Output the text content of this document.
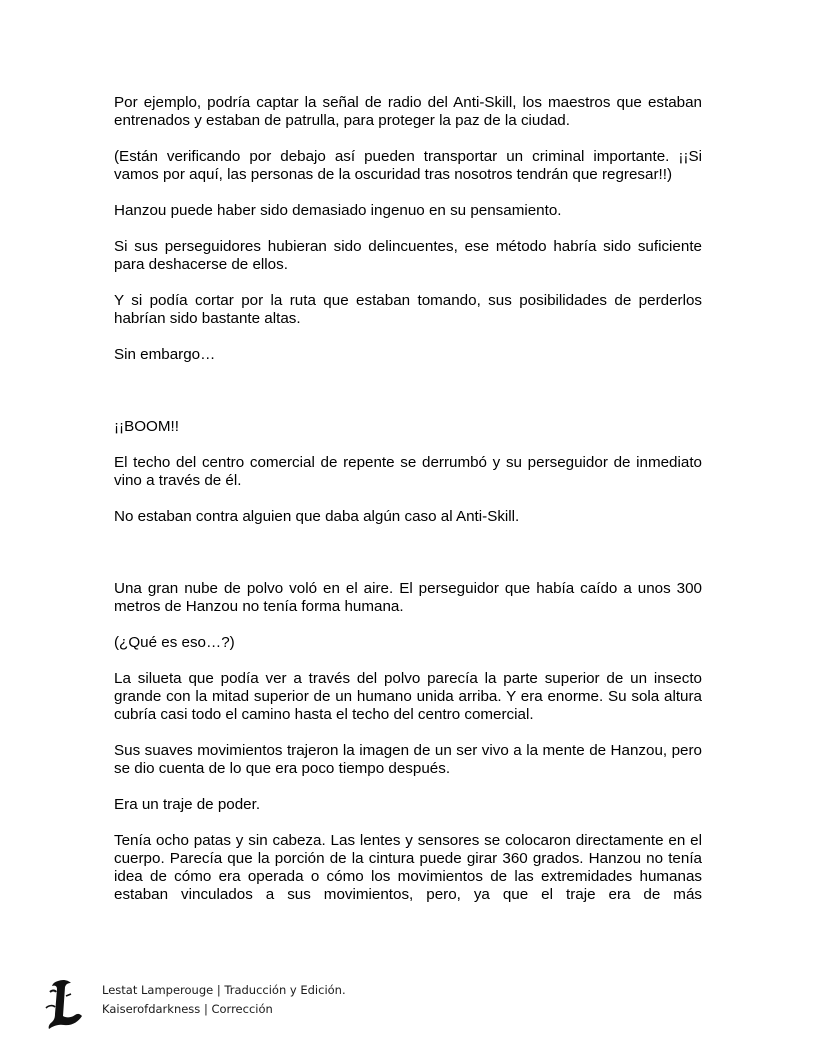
Por ejemplo, podría captar la señal de radio del Anti-Skill, los maestros que estaban entrenados y estaban de patrulla, para proteger la paz de la ciudad.

(Están verificando por debajo así pueden transportar un criminal importante. ¡¡Si vamos por aquí, las personas de la oscuridad tras nosotros tendrán que regresar!!)

Hanzou puede haber sido demasiado ingenuo en su pensamiento.

Si sus perseguidores hubieran sido delincuentes, ese método habría sido suficiente para deshacerse de ellos.

Y si podía cortar por la ruta que estaban tomando, sus posibilidades de perderlos habrían sido bastante altas.

Sin embargo…

¡¡BOOM!!

El techo del centro comercial de repente se derrumbó y su perseguidor de inmediato vino a través de él.

No estaban contra alguien que daba algún caso al Anti-Skill.

Una gran nube de polvo voló en el aire. El perseguidor que había caído a unos 300 metros de Hanzou no tenía forma humana.

(¿Qué es eso…?)

La silueta que podía ver a través del polvo parecía la parte superior de un insecto grande con la mitad superior de un humano unida arriba. Y era enorme. Su sola altura cubría casi todo el camino hasta el techo del centro comercial.

Sus suaves movimientos trajeron la imagen de un ser vivo a la mente de Hanzou, pero se dio cuenta de lo que era poco tiempo después.

Era un traje de poder.

Tenía ocho patas y sin cabeza. Las lentes y sensores se colocaron directamente en el cuerpo. Parecía que la porción de la cintura puede girar 360 grados. Hanzou no tenía idea de cómo era operada o cómo los movimientos de las extremidades humanas estaban vinculados a sus movimientos, pero, ya que el traje era de más

Lestat Lamperouge | Traducción y Edición.
Kaiserofdarkness | Corrección
